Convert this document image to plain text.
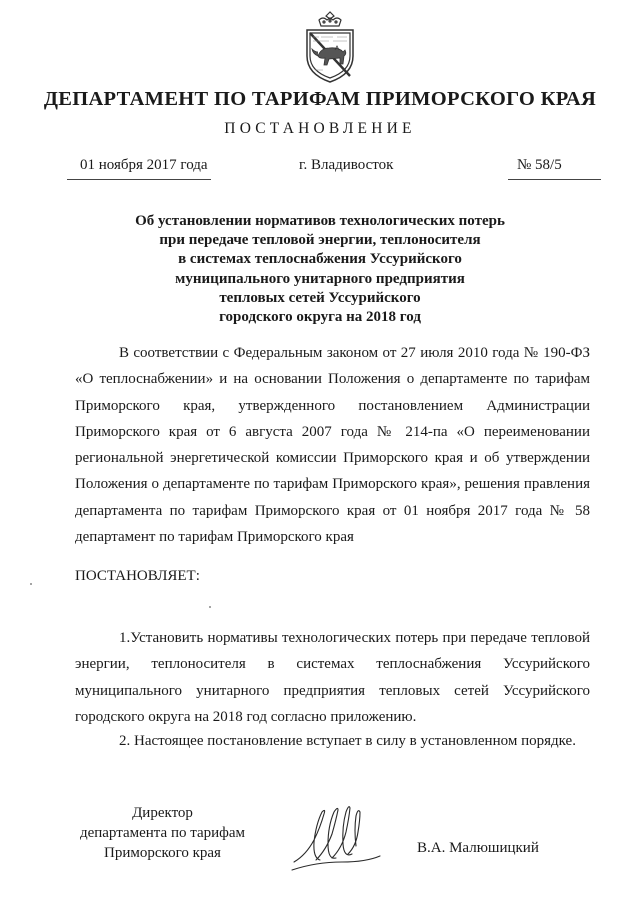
ДЕПАРТАМЕНТ ПО ТАРИФАМ ПРИМОРСКОГО КРАЯ
ПОСТАНОВЛЕНИЕ
01 ноября 2017 года	г. Владивосток	№ 58/5
Об установлении нормативов технологических потерь
при передаче тепловой энергии, теплоносителя
в системах теплоснабжения Уссурийского
муниципального унитарного предприятия
тепловых сетей Уссурийского
городского округа на 2018 год

В соответствии с Федеральным законом от 27 июля 2010 года № 190-ФЗ «О теплоснабжении» и на основании Положения о департаменте по тарифам Приморского края, утвержденного постановлением Администрации Приморского края от 6 августа 2007 года № 214-па «О переименовании региональной энергетической комиссии Приморского края и об утверждении Положения о департаменте по тарифам Приморского края», решения правления департамента по тарифам Приморского края от 01 ноября 2017 года № 58 департамент по тарифам Приморского края

ПОСТАНОВЛЯЕТ:

1.Установить нормативы технологических потерь при передаче тепловой энергии, теплоносителя в системах теплоснабжения Уссурийского муниципального унитарного предприятия тепловых сетей Уссурийского городского округа на 2018 год согласно приложению.

2. Настоящее постановление вступает в силу в установленном порядке.
Директор
департамента по тарифам
Приморского края	В.А. Малюшицкий
